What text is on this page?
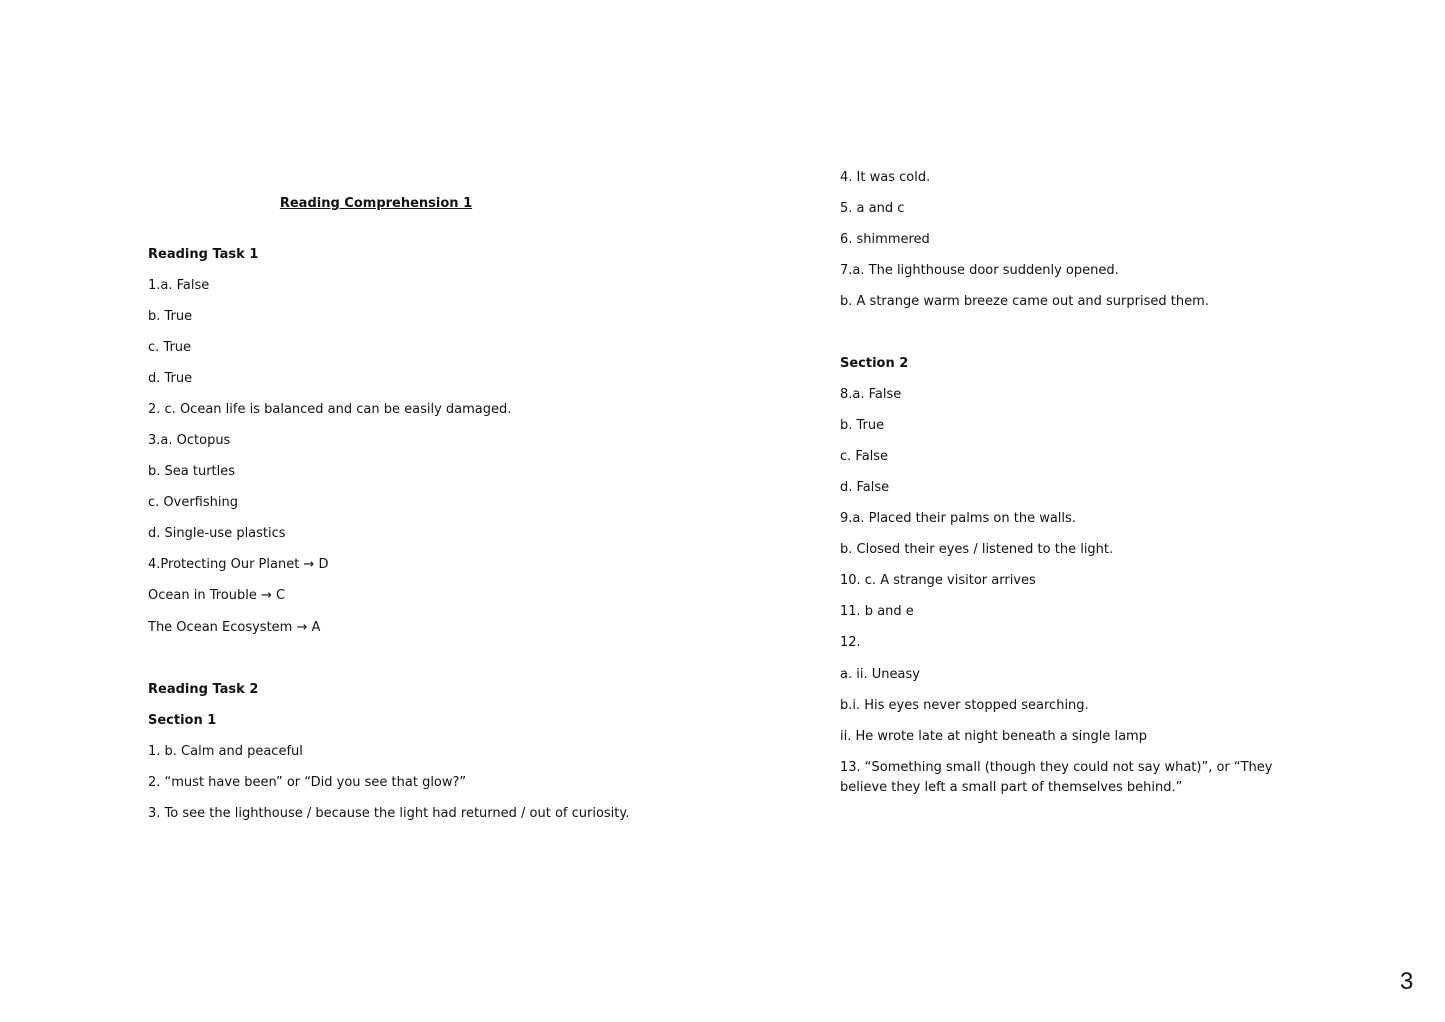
Reading Comprehension 1
Reading Task 1
1.a. False
b. True
c. True
d. True
2. c. Ocean life is balanced and can be easily damaged.
3.a. Octopus
b. Sea turtles
c. Overfishing
d. Single-use plastics
4.Protecting Our Planet → D
Ocean in Trouble → C
The Ocean Ecosystem → A
Reading Task 2
Section 1
1. b. Calm and peaceful
2. “must have been” or “Did you see that glow?”
3. To see the lighthouse / because the light had returned / out of curiosity.
4. It was cold.
5. a and c
6. shimmered
7.a. The lighthouse door suddenly opened.
b. A strange warm breeze came out and surprised them.
Section 2
8.a. False
b. True
c. False
d. False
9.a. Placed their palms on the walls.
b. Closed their eyes / listened to the light.
10. c. A strange visitor arrives
11. b and e
12.
a. ii. Uneasy
b.i. His eyes never stopped searching.
ii. He wrote late at night beneath a single lamp
13. “Something small (though they could not say what)”, or “They believe they left a small part of themselves behind.”
3
